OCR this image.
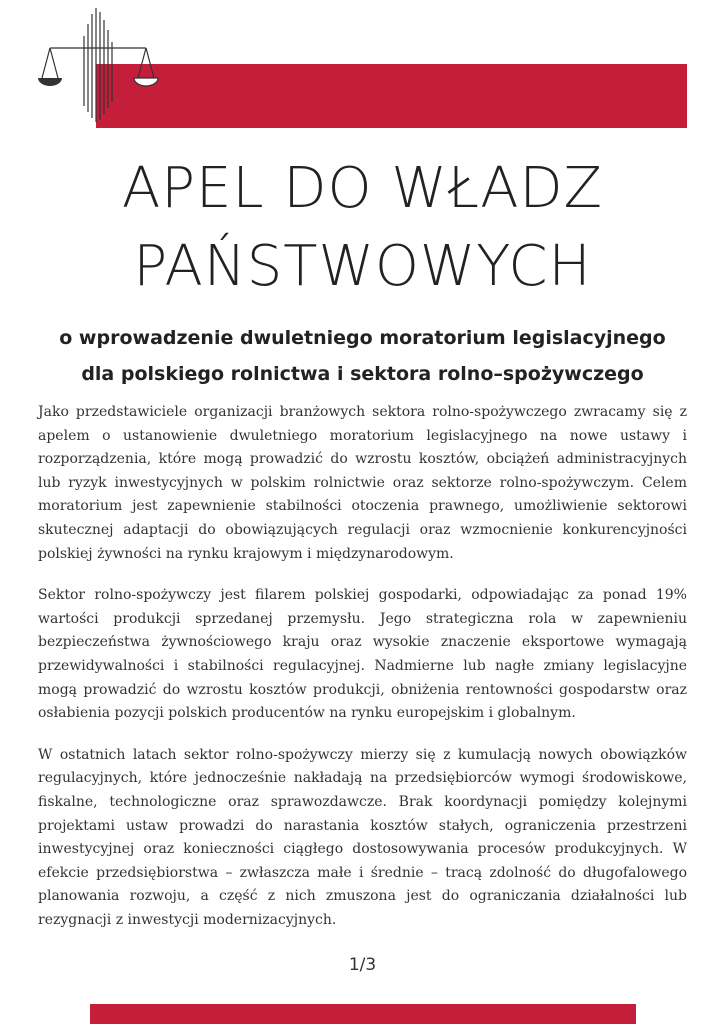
APEL DO WŁADZ
PAŃSTWOWYCH
o wprowadzenie dwuletniego moratorium legislacyjnego
dla polskiego rolnictwa i sektora rolno–spożywczego

Jako przedstawiciele organizacji branżowych sektora rolno-spożywczego zwracamy się z apelem o ustanowienie dwuletniego moratorium legislacyjnego na nowe ustawy i rozporządzenia, które mogą prowadzić do wzrostu kosztów, obciążeń administracyjnych lub ryzyk inwestycyjnych w polskim rolnictwie oraz sektorze rolno-spożywczym. Celem moratorium jest zapewnienie stabilności otoczenia prawnego, umożliwienie sektorowi skutecznej adaptacji do obowiązujących regulacji oraz wzmocnienie konkurencyjności polskiej żywności na rynku krajowym i międzynarodowym.

Sektor rolno-spożywczy jest filarem polskiej gospodarki, odpowiadając za ponad 19% wartości produkcji sprzedanej przemysłu. Jego strategiczna rola w zapewnieniu bezpieczeństwa żywnościowego kraju oraz wysokie znaczenie eksportowe wymagają przewidywalności i stabilności regulacyjnej. Nadmierne lub nagłe zmiany legislacyjne mogą prowadzić do wzrostu kosztów produkcji, obniżenia rentowności gospodarstw oraz osłabienia pozycji polskich producentów na rynku europejskim i globalnym.

W ostatnich latach sektor rolno-spożywczy mierzy się z kumulacją nowych obowiązków regulacyjnych, które jednocześnie nakładają na przedsiębiorców wymogi środowiskowe, fiskalne, technologiczne oraz sprawozdawcze. Brak koordynacji pomiędzy kolejnymi projektami ustaw prowadzi do narastania kosztów stałych, ograniczenia przestrzeni inwestycyjnej oraz konieczności ciągłego dostosowywania procesów produkcyjnych. W efekcie przedsiębiorstwa – zwłaszcza małe i średnie – tracą zdolność do długofalowego planowania rozwoju, a część z nich zmuszona jest do ograniczania działalności lub rezygnacji z inwestycji modernizacyjnych.

1/3
